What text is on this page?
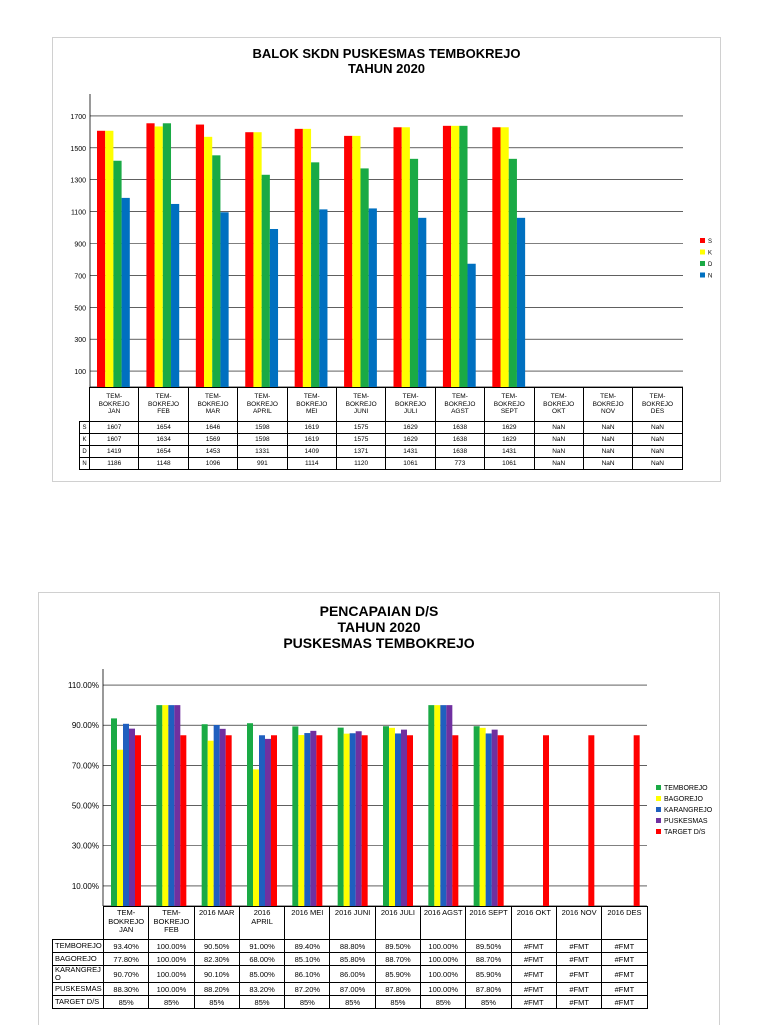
BALOK SKDN PUSKESMAS TEMBOKREJO
TAHUN 2020
100
300
500
700
900
1100
1300
1500
1700
S
K
D
N
	TEM-
BOKREJO
JAN	TEM-
BOKREJO
FEB	TEM-
BOKREJO
MAR	TEM-
BOKREJO
APRIL	TEM-
BOKREJO
MEI	TEM-
BOKREJO
JUNI	TEM-
BOKREJO
JULI	TEM-
BOKREJO
AGST	TEM-
BOKREJO
SEPT	TEM-
BOKREJO
OKT	TEM-
BOKREJO
NOV	TEM-
BOKREJO
DES
S	1607	1654	1646	1598	1619	1575	1629	1638	1629	NaN	NaN	NaN
K	1607	1634	1569	1598	1619	1575	1629	1638	1629	NaN	NaN	NaN
D	1419	1654	1453	1331	1409	1371	1431	1638	1431	NaN	NaN	NaN
N	1186	1148	1096	991	1114	1120	1061	773	1061	NaN	NaN	NaN
PENCAPAIAN D/S
TAHUN 2020
PUSKESMAS TEMBOKREJO
10.00%
30.00%
50.00%
70.00%
90.00%
110.00%
TEMBOREJO
BAGOREJO
KARANGREJO
PUSKESMAS
TARGET D/S
	TEM-
BOKREJO
JAN	TEM-
BOKREJO
FEB	2016 MAR	2016
APRIL	2016 MEI	2016 JUNI	2016 JULI	2016 AGST	2016 SEPT	2016 OKT	2016 NOV	2016 DES
TEMBOREJO	93.40%	100.00%	90.50%	91.00%	89.40%	88.80%	89.50%	100.00%	89.50%	#FMT	#FMT	#FMT
BAGOREJO	77.80%	100.00%	82.30%	68.00%	85.10%	85.80%	88.70%	100.00%	88.70%	#FMT	#FMT	#FMT
KARANGREJ
O	90.70%	100.00%	90.10%	85.00%	86.10%	86.00%	85.90%	100.00%	85.90%	#FMT	#FMT	#FMT
PUSKESMAS	88.30%	100.00%	88.20%	83.20%	87.20%	87.00%	87.80%	100.00%	87.80%	#FMT	#FMT	#FMT
TARGET D/S	85%	85%	85%	85%	85%	85%	85%	85%	85%	#FMT	#FMT	#FMT
